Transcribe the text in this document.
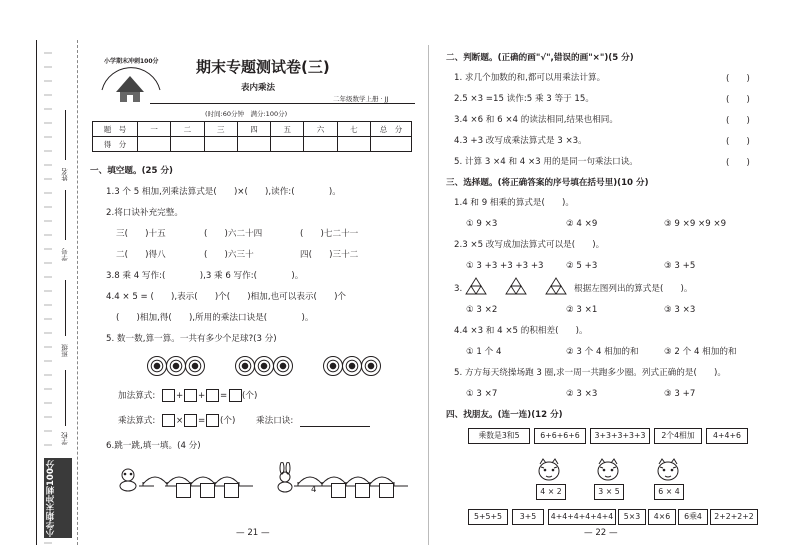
姓名
学号
班级
学校
小学期末冲刺100分
小学期末冲刺100分 期末专题测试卷(三)
表内乘法
二年级数学上册 · JJ
(时间:60分钟　满分:100分)
题　号	一	二	三	四	五	六	七	总　分
得　分								
一、填空题。(25 分)
1.3 个 5 相加,列乘法算式是(　　)×(　　),读作:(　　　　)。
2.将口诀补充完整。
三(　　)十五	(　　)六二十四	(　　)七二十一
二(　　)得八	(　　)六三十	四(　　)三十二
3.8 乘 4 写作:(　　　　),3 乘 6 写作:(　　　　)。
4.4 × 5 = (　　),表示(　　)个(　　)相加,也可以表示(　　)个
(　　)相加,得(　　),所用的乘法口诀是(　　　　)。
5. 数一数,算一算。一共有多少个足球?(3 分)
加法算式: + + = (个)
乘法算式: × = (个) 乘法口诀:
6.跳一跳,填一填。(4 分)
4
— 21 —
二、判断题。(正确的画"√",错误的画"×")(5 分)
1. 求几个加数的和,都可以用乘法计算。	(　　)
2.5 ×3 =15 读作:5 乘 3 等于 15。	(　　)
3.4 ×6 和 6 ×4 的读法相同,结果也相同。	(　　)
4.3 +3 改写成乘法算式是 3 ×3。	(　　)
5. 计算 3 ×4 和 4 ×3 用的是同一句乘法口诀。	(　　)
三、选择题。(将正确答案的序号填在括号里)(10 分)
1.4 和 9 相乘的算式是(　　)。
① 9 ×3	② 4 ×9	③ 9 ×9 ×9 ×9
2.3 ×5 改写成加法算式可以是(　　)。
① 3 +3 +3 +3 +3	② 5 +3	③ 3 +5
3.	根据左图列出的算式是(　　)。
① 3 ×2	② 3 ×1	③ 3 ×3
4.4 ×3 和 4 ×5 的积相差(　　)。
① 1 个 4	② 3 个 4 相加的和	③ 2 个 4 相加的和
5. 方方每天绕操场跑 3 圈,求一周一共跑多少圈。列式正确的是(　　)。
① 3 ×7	② 3 ×3	③ 3 +7
四、找朋友。(连一连)(12 分)
乘数是3和5	6+6+6+6	3+3+3+3+3	2个4相加	4+4+6
4 × 2	3 × 5	6 × 4
5+5+5	3+5	4+4+4+4+4+4	5×3	4×6	6乘4	2+2+2+2
— 22 —
